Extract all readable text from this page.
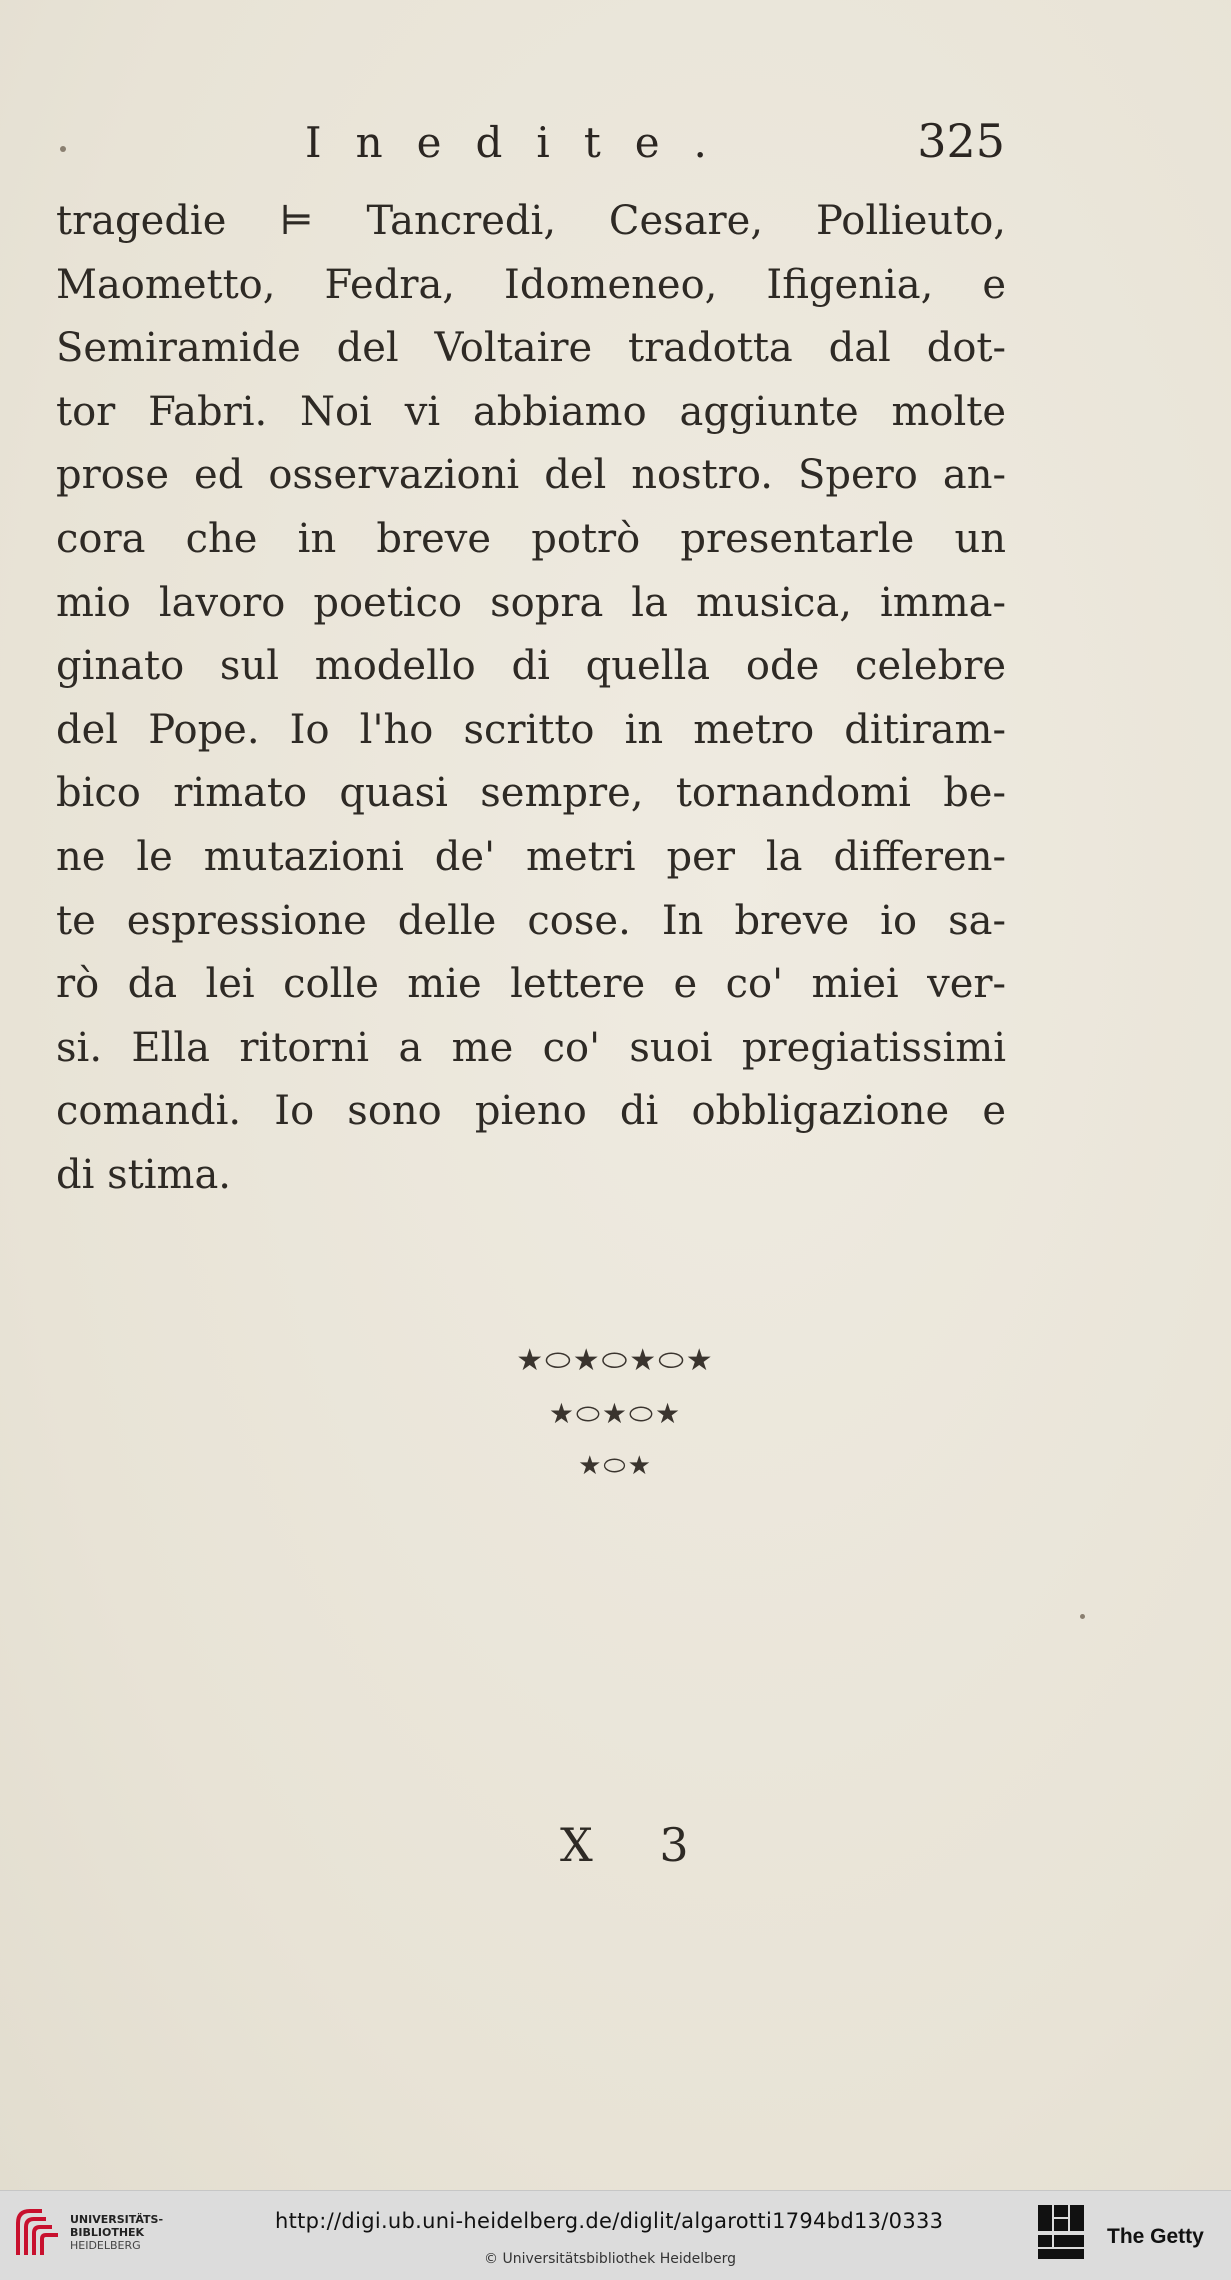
Inedite.	325
tragedie ⊨ Tancredi, Cesare, Pollieuto,
Maometto, Fedra, Idomeneo, Ifigenia, e
Semiramide del Voltaire tradotta dal dot-
tor Fabri. Noi vi abbiamo aggiunte molte
prose ed osservazioni del nostro. Spero an-
cora che in breve potrò presentarle un
mio lavoro poetico sopra la musica, imma-
ginato sul modello di quella ode celebre
del Pope. Io l'ho scritto in metro ditiram-
bico rimato quasi sempre, tornandomi be-
ne le mutazioni de' metri per la differen-
te espressione delle cose. In breve io sa-
rò da lei colle mie lettere e co' miei ver-
si. Ella ritorni a me co' suoi pregiatissimi
comandi. Io sono pieno di obbligazione e
di stima.
★⬭★⬭★⬭★
★⬭★⬭★
★⬭★
X 3
UNIVERSITÄTS-
BIBLIOTHEK
HEIDELBERG
http://digi.ub.uni-heidelberg.de/diglit/algarotti1794bd13/0333
© Universitätsbibliothek Heidelberg
The Getty
